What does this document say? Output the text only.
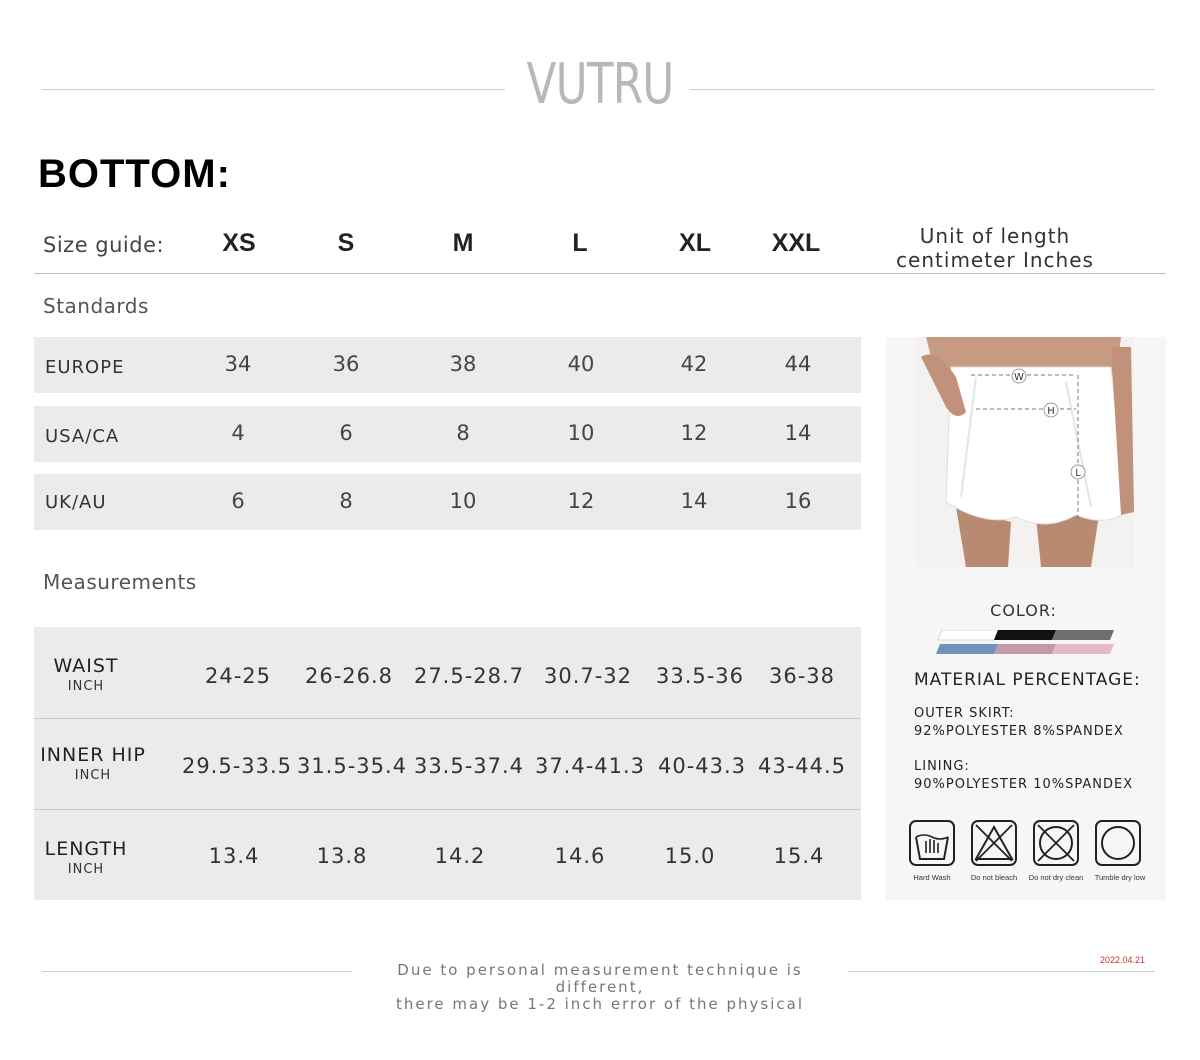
VUTRU
BOTTOM:
Size guide:	XS	S	M	L	XL	XXL	Unit of length
centimeter Inches
Standards
EUROPE	34	36	38	40	42	44
USA/CA	4	6	8	10	12	14
UK/AU	6	8	10	12	14	16
Measurements
WAIST
INCH	24-25	26-26.8 27.5-28.7 30.7-32	33.5-36	36-38
INNER HIP
INCH	29.5-33.5 31.5-35.4 33.5-37.4 37.4-41.3 40-43.3 43-44.5
LENGTH
INCH
13.4	13.8	14.2	14.6	15.0	15.4
W
H
L
COLOR:
MATERIAL PERCENTAGE:
OUTER SKIRT:
92%POLYESTER 8%SPANDEX
LINING:
90%POLYESTER 10%SPANDEX
Hard Wash	Do not bleach	Do not dry clean	Tumble dry low
Due to personal measurement technique is different,
there may be 1-2 inch error of the physical
2022.04.21
